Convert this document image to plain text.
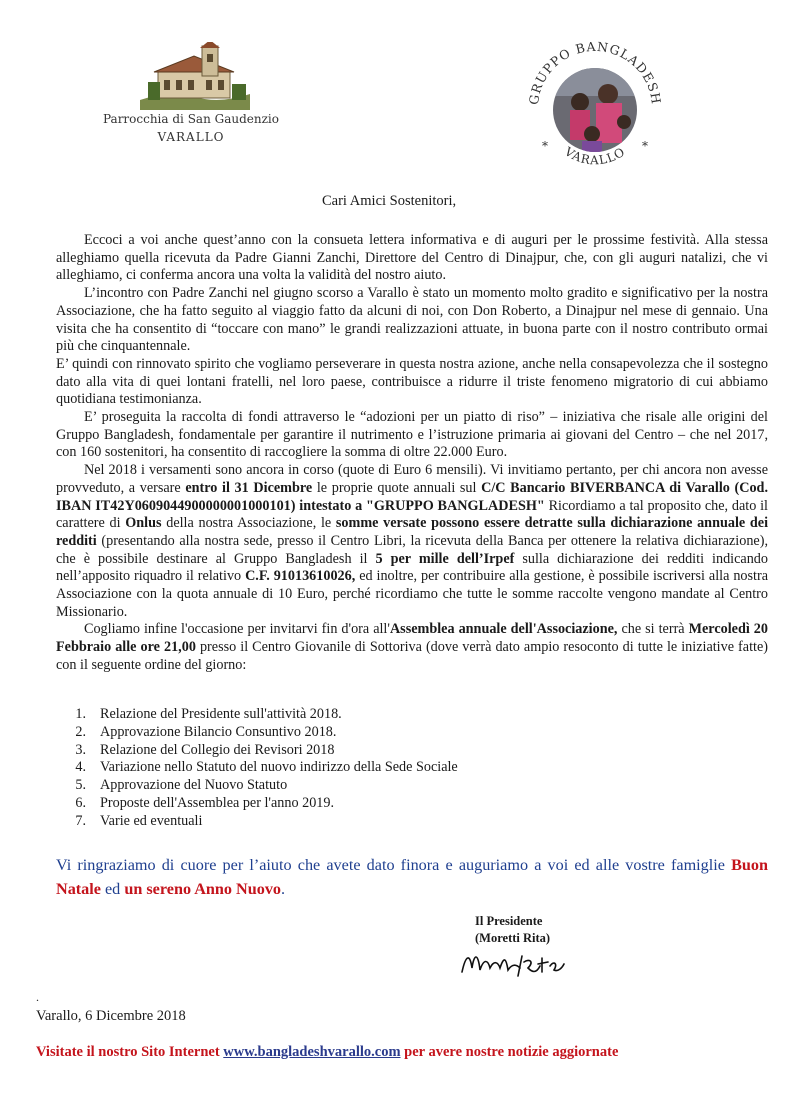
Parrocchia di San Gaudenzio
VARALLO
GRUPPO BANGLADESH
*	*
VARALLO
Cari Amici Sostenitori,

Eccoci a voi anche quest’anno con la consueta lettera informativa e di auguri per le prossime festività. Alla stessa alleghiamo quella ricevuta da Padre Gianni Zanchi, Direttore del Centro di Dinajpur, che, con gli auguri natalizi, che vi alleghiamo, ci conferma ancora una volta la validità del nostro aiuto.

L’incontro con Padre Zanchi nel giugno scorso a Varallo è stato un momento molto gradito e significativo per la nostra Associazione, che ha fatto seguito al viaggio fatto da alcuni di noi, con Don Roberto, a Dinajpur nel mese di gennaio. Una visita che ha consentito di “toccare con mano” le grandi realizzazioni attuate, in buona parte con il nostro contributo ormai più che cinquantennale.

E’ quindi con rinnovato spirito che vogliamo perseverare in questa nostra azione, anche nella consapevolezza che il sostegno dato alla vita di quei lontani fratelli, nel loro paese, contribuisce a ridurre il triste fenomeno migratorio di cui abbiamo quotidiana testimonianza.

E’ proseguita la raccolta di fondi attraverso le “adozioni per un piatto di riso” – iniziativa che risale alle origini del Gruppo Bangladesh, fondamentale per garantire il nutrimento e l’istruzione primaria ai giovani del Centro – che nel 2017, con 160 sostenitori, ha consentito di raccogliere la somma di oltre 22.000 Euro.

Nel 2018 i versamenti sono ancora in corso (quote di Euro 6 mensili). Vi invitiamo pertanto, per chi ancora non avesse provveduto, a versare entro il 31 Dicembre le proprie quote annuali sul C/C Bancario BIVERBANCA di Varallo (Cod. IBAN IT42Y0609044900000001000101) intestato a "GRUPPO BANGLADESH" Ricordiamo a tal proposito che, dato il carattere di Onlus della nostra Associazione, le somme versate possono essere detratte sulla dichiarazione annuale dei redditi (presentando alla nostra sede, presso il Centro Libri, la ricevuta della Banca per ottenere la relativa dichiarazione), che è possibile destinare al Gruppo Bangladesh il 5 per mille dell’Irpef sulla dichiarazione dei redditi indicando nell’apposito riquadro il relativo C.F. 91013610026, ed inoltre, per contribuire alla gestione, è possibile iscriversi alla nostra Associazione con la quota annuale di 10 Euro, perché ricordiamo che tutte le somme raccolte vengono mandate al Centro Missionario.

Cogliamo infine l'occasione per invitarvi fin d'ora all'Assemblea annuale dell'Associazione, che si terrà Mercoledì 20 Febbraio alle ore 21,00 presso il Centro Giovanile di Sottoriva (dove verrà dato ampio resoconto di tutte le iniziative fatte) con il seguente ordine del giorno:

1. Relazione del Presidente sull'attività 2018.
2. Approvazione Bilancio Consuntivo 2018.
3. Relazione del Collegio dei Revisori 2018
4. Variazione nello Statuto del nuovo indirizzo della Sede Sociale
5. Approvazione del Nuovo Statuto
6. Proposte dell'Assemblea per l'anno 2019.
7. Varie ed eventuali
Vi ringraziamo di cuore per l’aiuto che avete dato finora e auguriamo a voi ed alle vostre famiglie Buon Natale ed un sereno Anno Nuovo.
Il Presidente
(Moretti Rita)
.
Varallo, 6 Dicembre 2018
Visitate il nostro Sito Internet www.bangladeshvarallo.com per avere nostre notizie aggiornate
